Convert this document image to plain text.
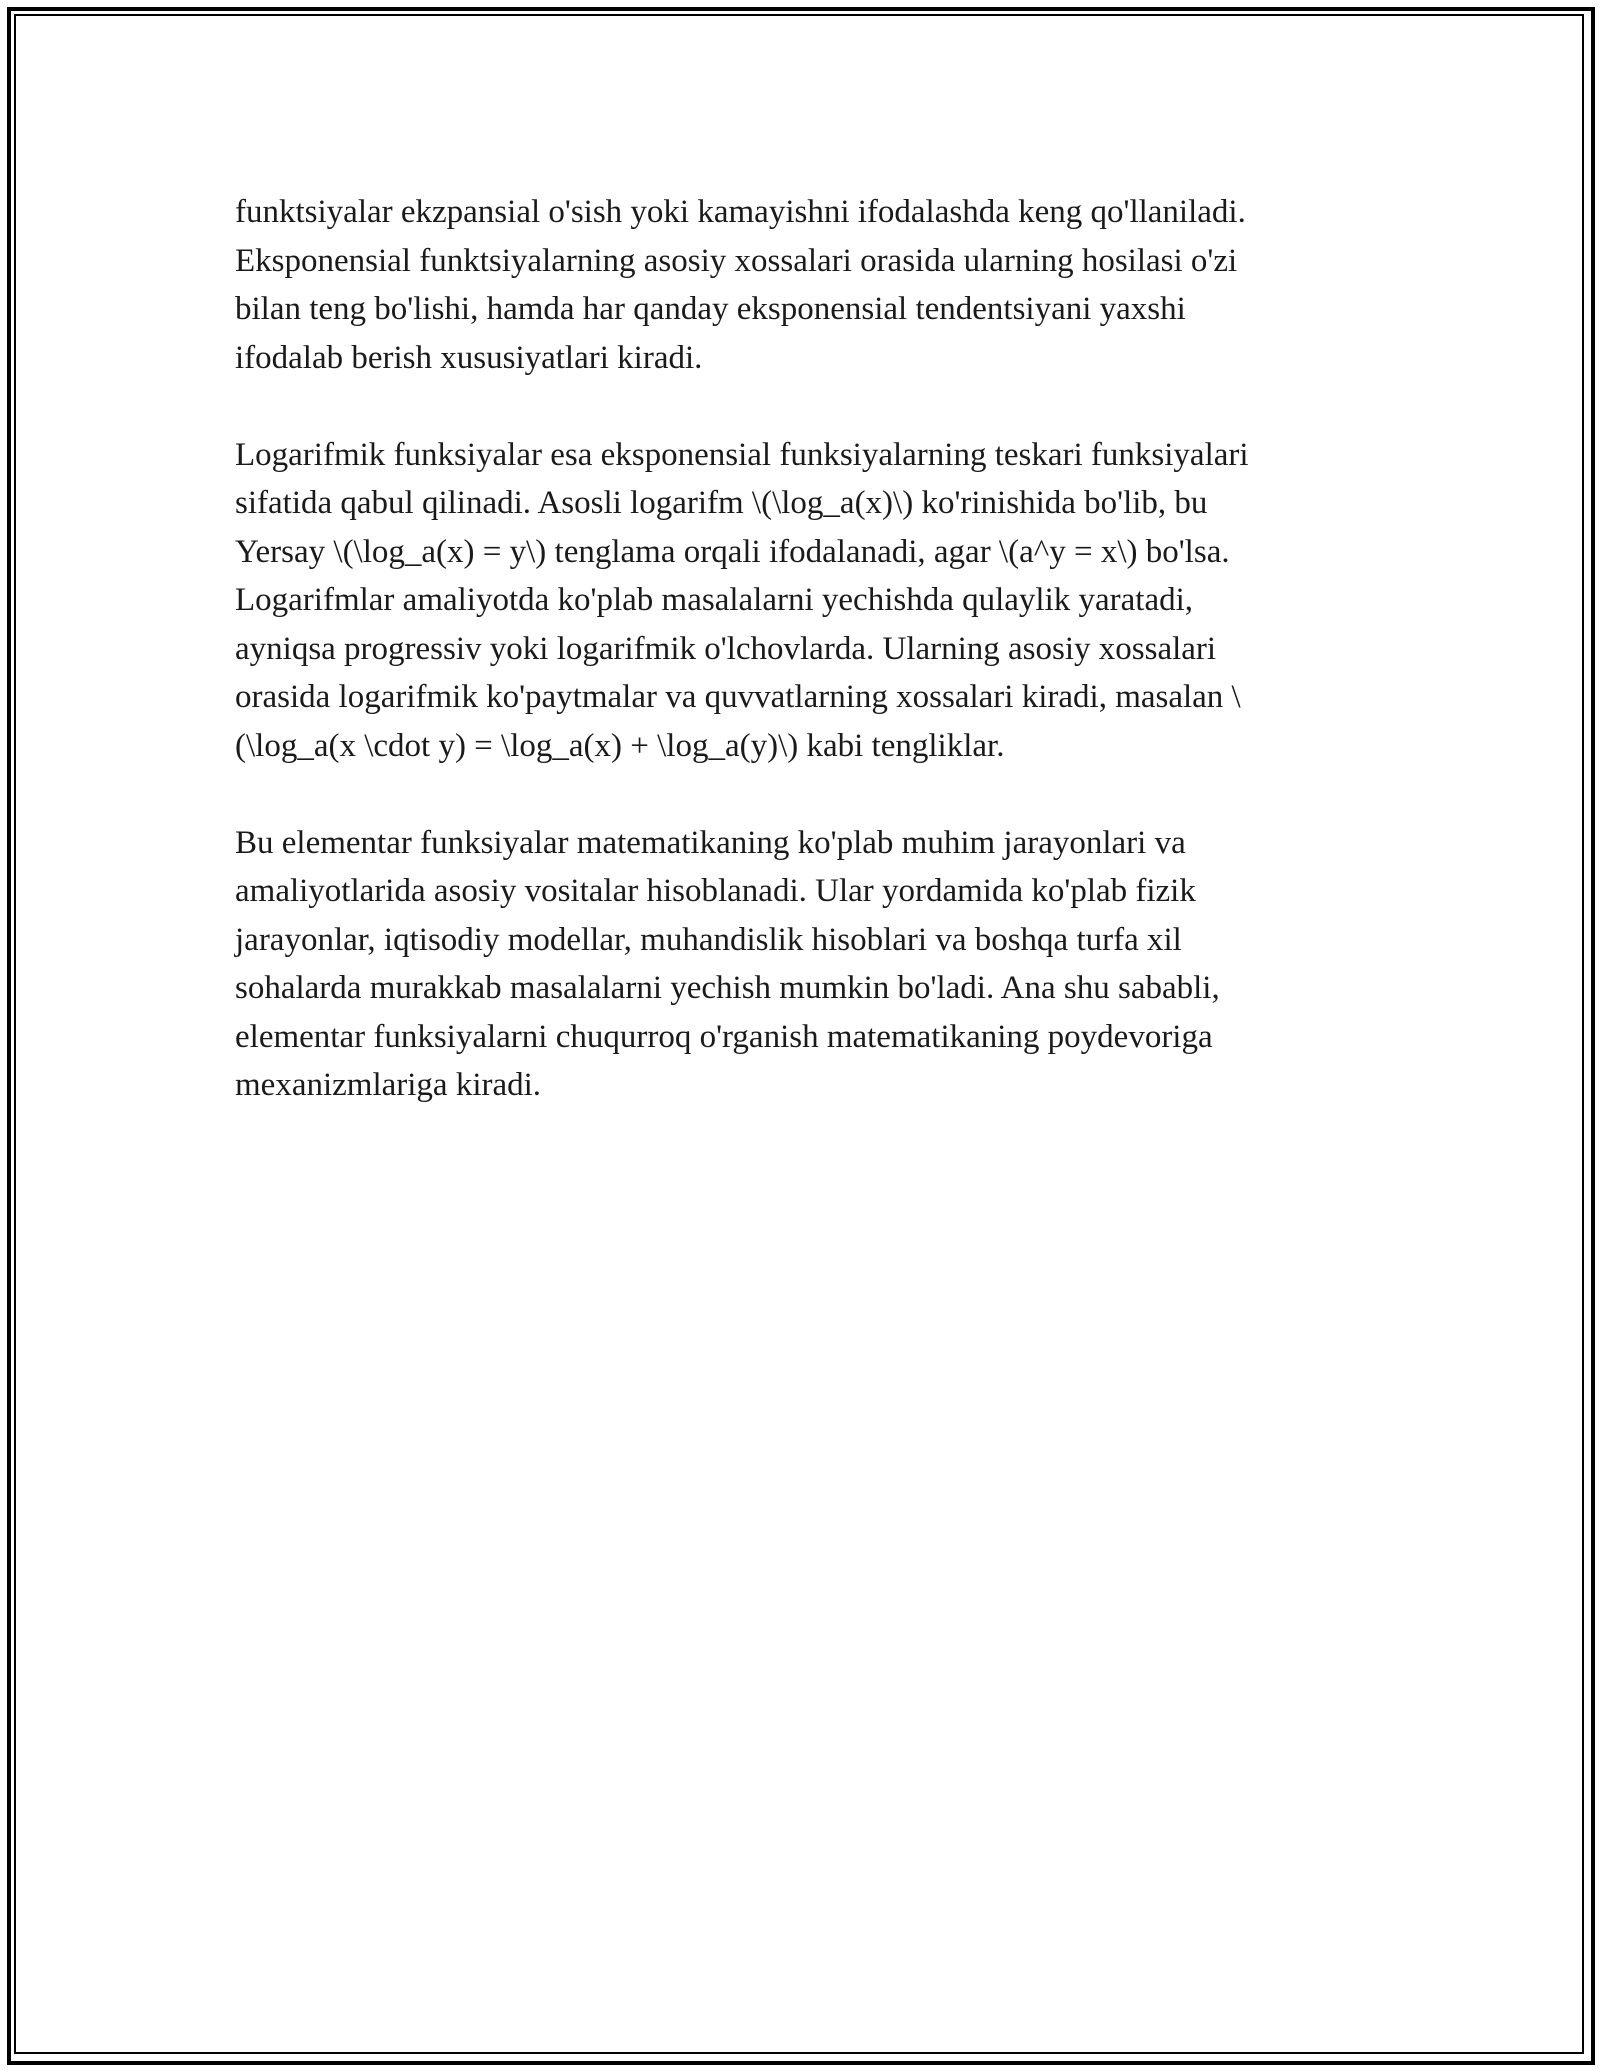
funktsiyalar ekzpansial o'sish yoki kamayishni ifodalashda keng qo'llaniladi.
Eksponensial funktsiyalarning asosiy xossalari orasida ularning hosilasi o'zi
bilan teng bo'lishi, hamda har qanday eksponensial tendentsiyani yaxshi
ifodalab berish xususiyatlari kiradi.

Logarifmik funksiyalar esa eksponensial funksiyalarning teskari funksiyalari
sifatida qabul qilinadi. Asosli logarifm \(\log_a(x)\) ko'rinishida bo'lib, bu
Yersay \(\log_a(x) = y\) tenglama orqali ifodalanadi, agar \(a^y = x\) bo'lsa.
Logarifmlar amaliyotda ko'plab masalalarni yechishda qulaylik yaratadi,
ayniqsa progressiv yoki logarifmik o'lchovlarda. Ularning asosiy xossalari
orasida logarifmik ko'paytmalar va quvvatlarning xossalari kiradi, masalan \
(\log_a(x \cdot y) = \log_a(x) + \log_a(y)\) kabi tengliklar.

Bu elementar funksiyalar matematikaning ko'plab muhim jarayonlari va
amaliyotlarida asosiy vositalar hisoblanadi. Ular yordamida ko'plab fizik
jarayonlar, iqtisodiy modellar, muhandislik hisoblari va boshqa turfa xil
sohalarda murakkab masalalarni yechish mumkin bo'ladi. Ana shu sababli,
elementar funksiyalarni chuqurroq o'rganish matematikaning poydevoriga
mexanizmlariga kiradi.
